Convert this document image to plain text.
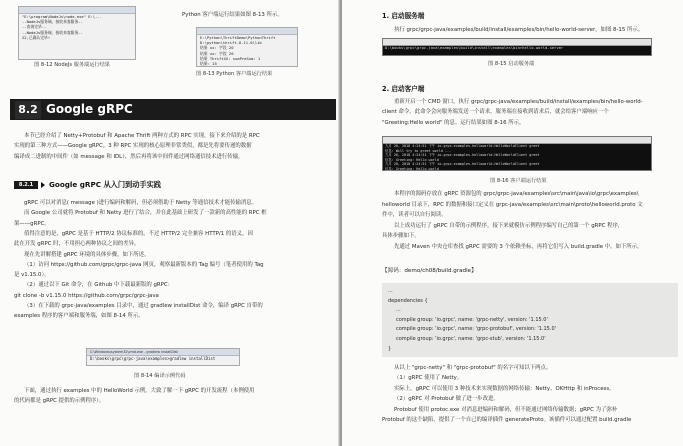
"E:\program\NodeJs\node.exe" E:\...
--NodeJs服务端，接收来客服务--
--查询完毕--
--NodeJs服务端，接收来客服务--
22,已确认完毕!
图 8-12 NodeJs 服务端运行结果
Python 客户端运行结果如图 8-13 所示。
E:\Python\ThriftDemo\PythonThrift
D:\python\thrift-0.11.0\lib
结果 xx: 字段 20
结果 xx: 字段 20
结果 ThriftXX: sumPreSum: 1
结果: 15
图 8-13 Python 客户端运行结果
8.2 Google gRPC
本节已经介绍了 Netty+Protobuf 和 Apache Thrift 两种方式的 RPC 实现。接下来介绍的是 RPC
实现的第三种方式——Google gRPC。3 种 RPC 实现的核心原理非常类似，都是先将要传递的数据
编译成二进制的中间件（如 message 和 IDL），然后再将该中间件通过网络通信技术进行传输。
8.2.1	Google gRPC 从入门到动手实践
gRPC 可以对消息( message )进行编码和解码，但必须借助于 Netty 等通信技术才能传输消息。
而 Google 公司就将 Protobuf 和 Netty 进行了结合，并在此基础上研发了一款新的高性能的 RPC 框
架——gRPC。
值得注意的是，gRPC 是基于 HTTP/2 协议标准的。不过 HTTP/2 完全兼容 HTTP/1 的语义，因
此在开发 gRPC 时，不用担心两种协议之间的差异。
现在先讲解搭建 gRPC 环境的具体步骤，如下所述。
（1）访问 https://github.com/grpc/grpc-java 网页，观察最新版本的 Tag 编号（笔者使用的 Tag
是 v1.15.0）。
（2）通过以下 Git 命令，在 Github 中下载最新版的 gRPC：
git clone -b v1.15.0 https://github.com/grpc/grpc-java
（3）在下载的 grpc-java/examples 目录中，通过 gradlew installDist 命令，编译 gRPC 自带的
examples 程序的客户端和服务端，如图 8-14 所示。
C:\Windows\system32\cmd.exe - gradlew installDist
D:\books\grpc\grpc-java\examples>gradlew installDist
图 8-14 编译示例代码
下面，通过执行 examples 中的 HelloWorld 示例，大致了解一下 gRPC 的开发流程（本例使用
的代码都是 gRPC 提供的示例程序）。
1. 启动服务端
执行 grpc/grpc-java/examples/build/install/examples/bin/hello-world-server，如图 8-15 所示。
D:\books\grpc\grpc-java\examples\build\install\examples\bin>hello-world-server
图 8-15 启动服务端
2. 启动客户端
重新开启一个 CMD 窗口，执行 grpc/grpc-java/examples/build/install/examples/bin/hello-world-
client 命令，此命令会向服务端发送一个请求，服务端在接收到请求后，就会给客户端响应一个
"Greeting:Hello world" 的息。运行结果如图 8-16 所示。
九月 20, 2018 4:24:51 下午 io.grpc.examples.helloworld.HelloWorldClient greet
信息: Will try to greet world ...
九月 20, 2018 4:24:51 下午 io.grpc.examples.helloworld.HelloWorldClient greet
信息: Greeting: Hello world
九月 20, 2018 4:24:51 下午 io.grpc.examples.helloworld.HelloWorldClient greet
信息: Greeting: Hello world
图 8-16 客户端运行结果
本程序的源码存放在 gRPC 资源包的 grpc/grpc-java/examples\src\main\java\io\grpc\examples\
helloworld 目录下，RPC 的数据和接口定义在 grpc-java/examples\src\main\proto\helloworld.proto 文
件中，读者可以自行阅读。
以上成功运行了 gRPC 自带的示例程序，接下来就模仿示例程序编写自己的第一个 gRPC 程序，
具体步骤如下。
先通过 Maven 中央仓库查找 gRPC 需要的 3 个依赖坐标，再将它们写入 build.gradle 中，如下所示。
【源码：demo/ch08/build.gradle】
...
dependencies {
...
compile group: 'io.grpc', name: 'grpc-netty', version: '1.15.0'
compile group: 'io.grpc', name: 'grpc-protobuf', version: '1.15.0'
compile group: 'io.grpc', name: 'grpc-stub', version: '1.15.0'
}
从以上 "grpc-netty" 和 "grpc-protobuf" 的名字可知以下两点。
（1）gRPC 使用了 Netty。
实际上，gRPC 可以使用 3 种技术来实现数据的网络传输：Netty、OKHttp 和 inProcess。
（2）gRPC 对 Protobuf 做了进一步改进。
Protobuf 使用 protoc.exe 对消息进编码和解码，但不能通过网络传输数据；gRPC 为了弥补
Protobuf 的这个缺陷，提供了一个自己的编译插件 generateProto。该插件可以通过配置 build.gradle
